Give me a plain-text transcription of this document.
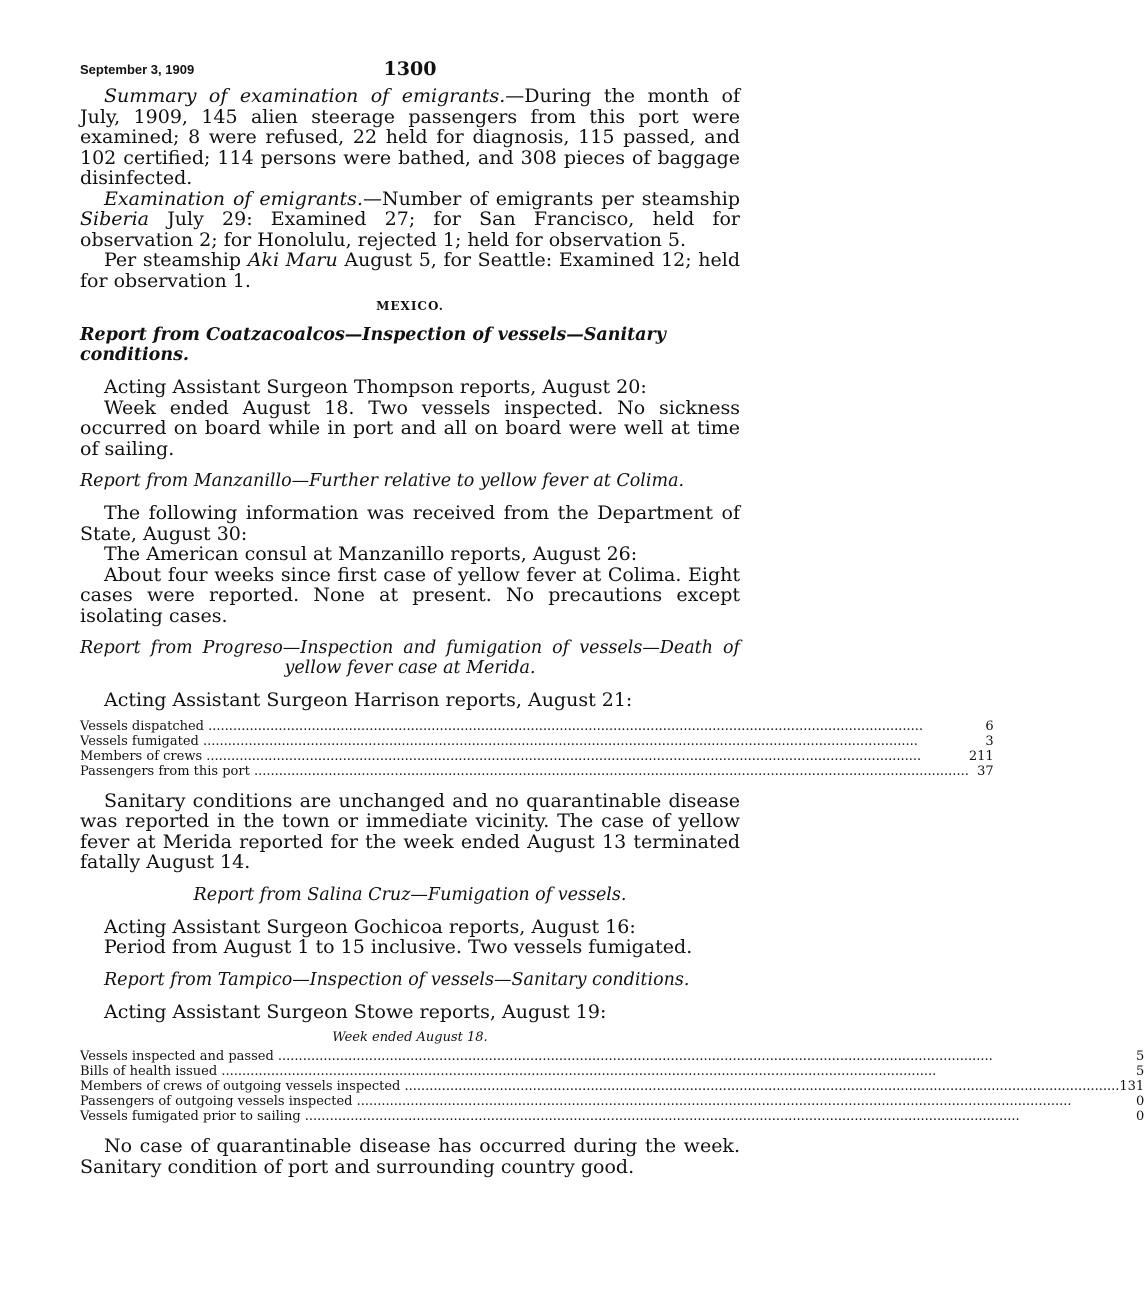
September 3, 1909	1300

Summary of examination of emigrants.—During the month of July, 1909, 145 alien steerage passengers from this port were examined; 8 were refused, 22 held for diagnosis, 115 passed, and 102 certified; 114 persons were bathed, and 308 pieces of baggage disinfected.

Examination of emigrants.—Number of emigrants per steamship Siberia July 29: Examined 27; for San Francisco, held for observation 2; for Honolulu, rejected 1; held for observation 5.

Per steamship Aki Maru August 5, for Seattle: Examined 12; held for observation 1.

MEXICO.
Report from Coatzacoalcos—Inspection of vessels—Sanitary conditions.

Acting Assistant Surgeon Thompson reports, August 20:

Week ended August 18. Two vessels inspected. No sickness occurred on board while in port and all on board were well at time of sailing.

Report from Manzanillo—Further relative to yellow fever at Colima.

The following information was received from the Department of State, August 30:

The American consul at Manzanillo reports, August 26:

About four weeks since first case of yellow fever at Colima. Eight cases were reported. None at present. No precautions except isolating cases.

Report from Progreso—Inspection and fumigation of vessels—Death of
yellow fever case at Merida.

Acting Assistant Surgeon Harrison reports, August 21:

Vessels dispatched .....	6
Vessels fumigated .....	3
Members of crews .....	211
Passengers from this port .....	37

Sanitary conditions are unchanged and no quarantinable disease was reported in the town or immediate vicinity. The case of yellow fever at Merida reported for the week ended August 13 terminated fatally August 14.

Report from Salina Cruz—Fumigation of vessels.

Acting Assistant Surgeon Gochicoa reports, August 16:

Period from August 1 to 15 inclusive. Two vessels fumigated.

Report from Tampico—Inspection of vessels—Sanitary conditions.

Acting Assistant Surgeon Stowe reports, August 19:

Week ended August 18.
Vessels inspected and passed .....	5
Bills of health issued .....	5
Members of crews of outgoing vessels inspected .....	131
Passengers of outgoing vessels inspected .....	0
Vessels fumigated prior to sailing .....	0

No case of quarantinable disease has occurred during the week. Sanitary condition of port and surrounding country good.
